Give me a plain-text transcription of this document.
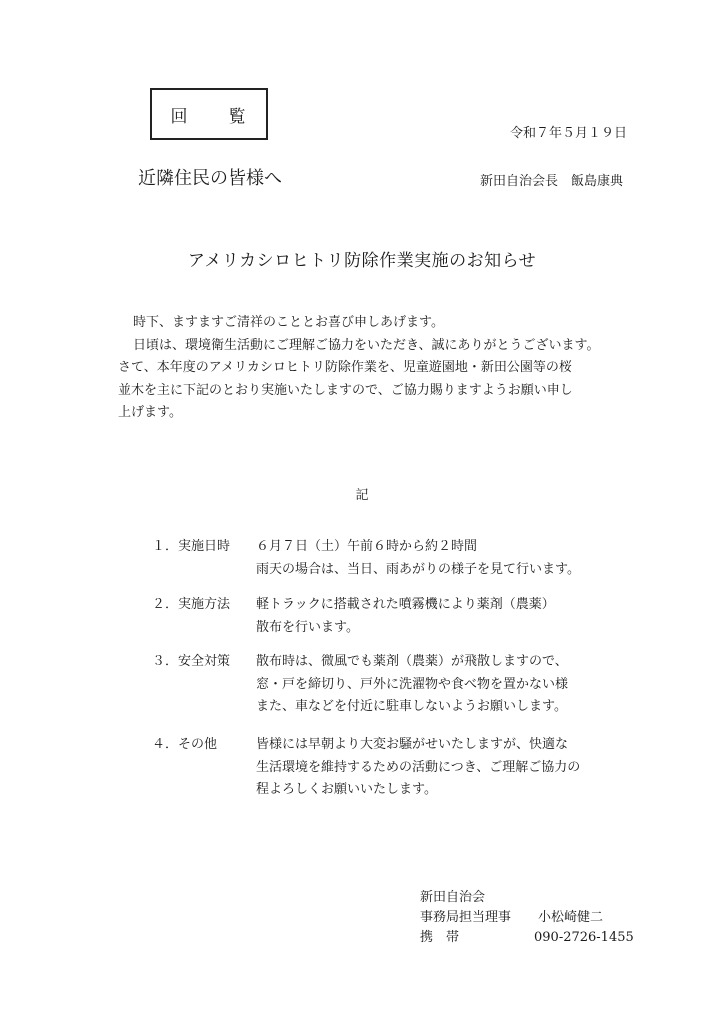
回　覧
令和７年５月１９日
近隣住民の皆様へ	新田自治会長　飯島康典
アメリカシロヒトリ防除作業実施のお知らせ

時下、ますますご清祥のこととお喜び申しあげます。

日頃は、環境衛生活動にご理解ご協力をいただき、誠にありがとうございます。

さて、本年度のアメリカシロヒトリ防除作業を、児童遊園地・新田公園等の桜

並木を主に下記のとおり実施いたしますので、ご協力賜りますようお願い申し

上げます。

記
１．実施日時	６月７日（土）午前６時から約２時間
雨天の場合は、当日、雨あがりの様子を見て行います。
２．実施方法	軽トラックに搭載された噴霧機により薬剤（農薬）
散布を行います。
３．安全対策	散布時は、微風でも薬剤（農薬）が飛散しますので、
窓・戸を締切り、戸外に洗濯物や食べ物を置かない様
また、車などを付近に駐車しないようお願いします。
４．その他	皆様には早朝より大変お騒がせいたしますが、快適な
生活環境を維持するための活動につき、ご理解ご協力の
程よろしくお願いいたします。
新田自治会
事務局担当理事	小松崎健二
携　帯	090-2726-1455
